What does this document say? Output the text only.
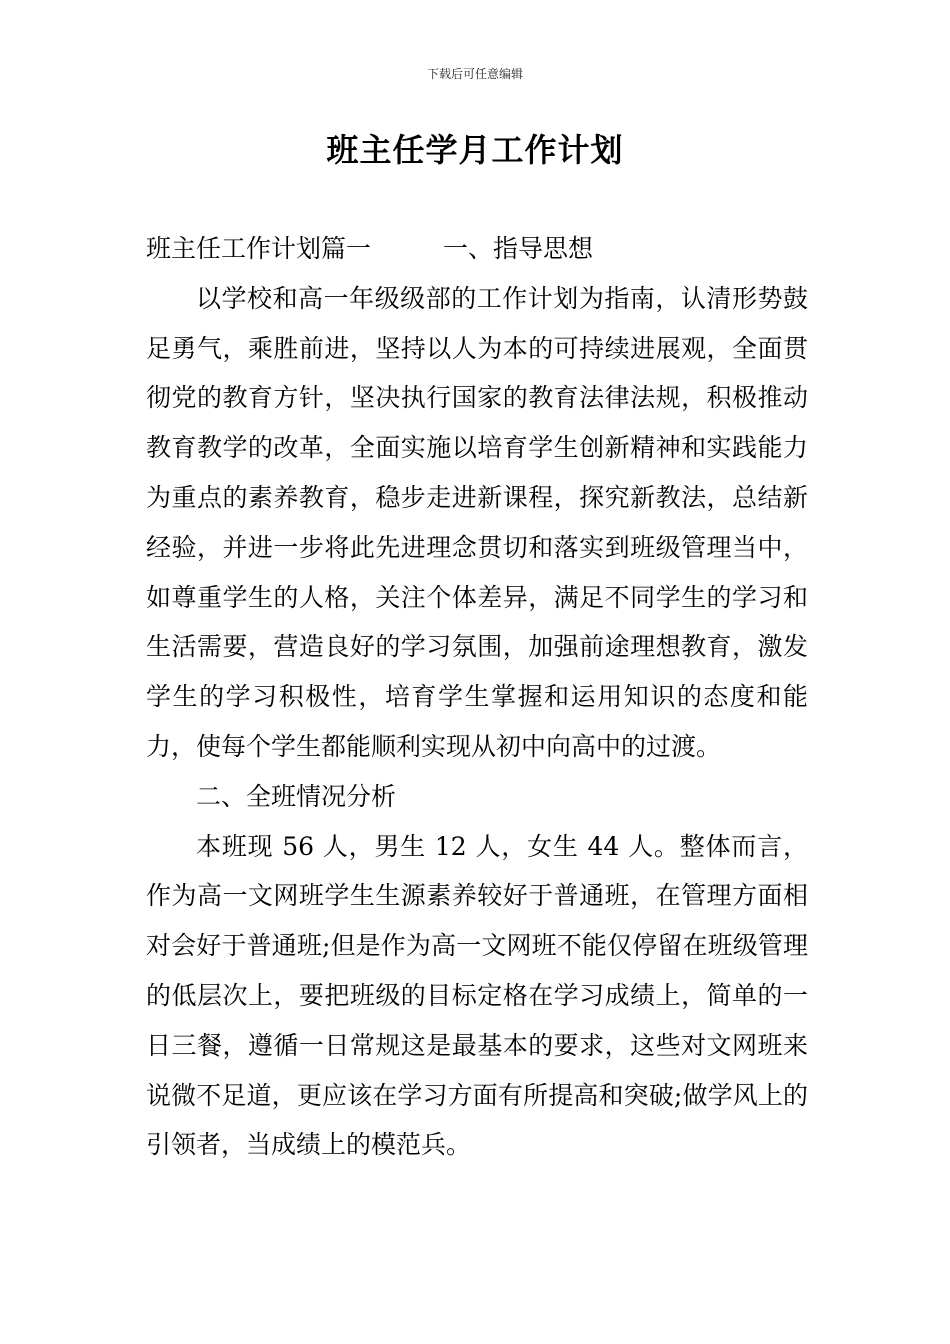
下载后可任意编辑
班主任学月工作计划

班主任工作计划篇一	一、指导思想

以学校和高一年级级部的工作计划为指南，认清形势鼓足勇气，乘胜前进，坚持以人为本的可持续进展观，全面贯彻党的教育方针，坚决执行国家的教育法律法规，积极推动教育教学的改革，全面实施以培育学生创新精神和实践能力为重点的素养教育，稳步走进新课程，探究新教法，总结新经验，并进一步将此先进理念贯切和落实到班级管理当中，如尊重学生的人格，关注个体差异，满足不同学生的学习和生活需要，营造良好的学习氛围，加强前途理想教育，激发学生的学习积极性，培育学生掌握和运用知识的态度和能力，使每个学生都能顺利实现从初中向高中的过渡。

二、全班情况分析

本班现 56 人，男生 12 人，女生 44 人。整体而言，作为高一文网班学生生源素养较好于普通班，在管理方面相对会好于普通班;但是作为高一文网班不能仅停留在班级管理的低层次上，要把班级的目标定格在学习成绩上，简单的一日三餐，遵循一日常规这是最基本的要求，这些对文网班来说微不足道，更应该在学习方面有所提高和突破;做学风上的引领者，当成绩上的模范兵。
